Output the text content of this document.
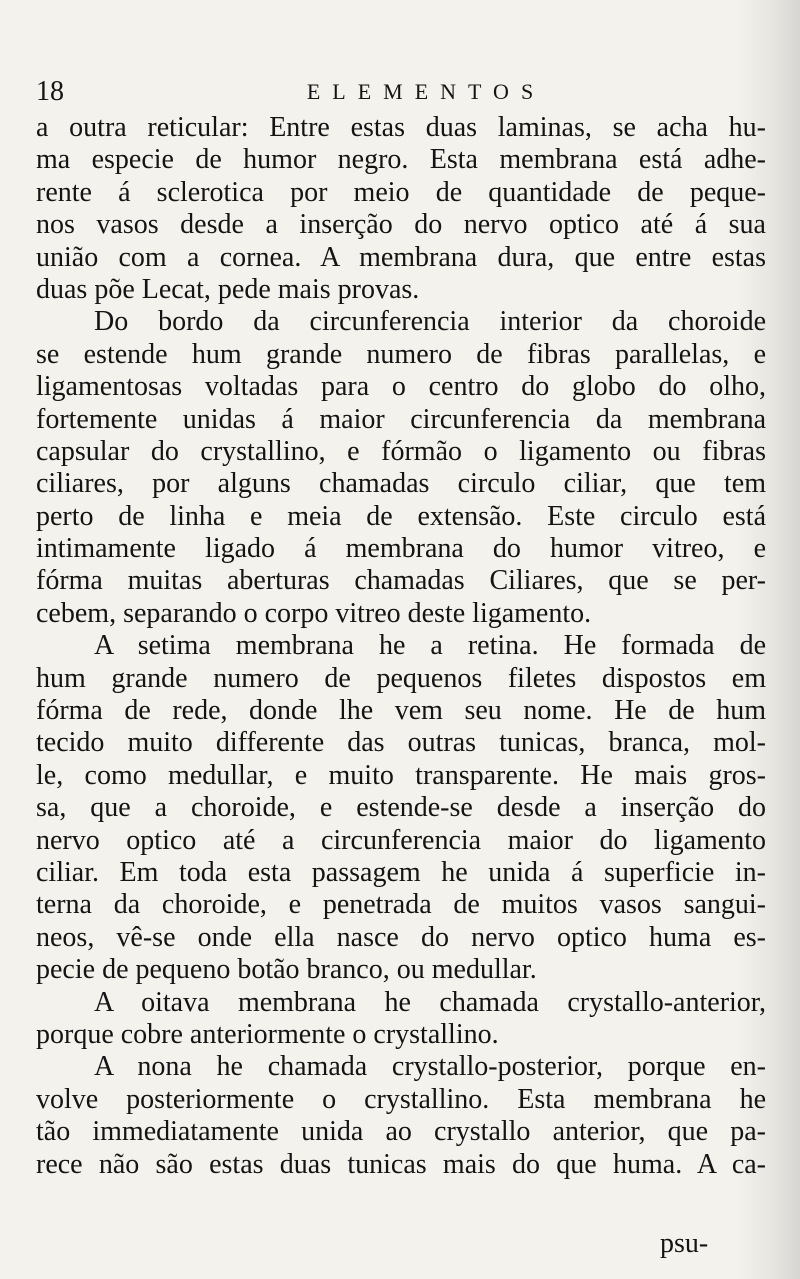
18	ELEMENTOS
a outra reticular: Entre estas duas laminas, se acha hu-
ma especie de humor negro. Esta membrana está adhe-
rente á sclerotica por meio de quantidade de peque-
nos vasos desde a inserção do nervo optico até á sua
união com a cornea. A membrana dura, que entre estas
duas põe Lecat, pede mais provas.
Do bordo da circunferencia interior da choroide
se estende hum grande numero de fibras parallelas, e
ligamentosas voltadas para o centro do globo do olho,
fortemente unidas á maior circunferencia da membrana
capsular do crystallino, e fórmão o ligamento ou fibras
ciliares, por alguns chamadas circulo ciliar, que tem
perto de linha e meia de extensão. Este circulo está
intimamente ligado á membrana do humor vitreo, e
fórma muitas aberturas chamadas Ciliares, que se per-
cebem, separando o corpo vitreo deste ligamento.
A setima membrana he a retina. He formada de
hum grande numero de pequenos filetes dispostos em
fórma de rede, donde lhe vem seu nome. He de hum
tecido muito differente das outras tunicas, branca, mol-
le, como medullar, e muito transparente. He mais gros-
sa, que a choroide, e estende-se desde a inserção do
nervo optico até a circunferencia maior do ligamento
ciliar. Em toda esta passagem he unida á superficie in-
terna da choroide, e penetrada de muitos vasos sangui-
neos, vê-se onde ella nasce do nervo optico huma es-
pecie de pequeno botão branco, ou medullar.
A oitava membrana he chamada crystallo-anterior,
porque cobre anteriormente o crystallino.
A nona he chamada crystallo-posterior, porque en-
volve posteriormente o crystallino. Esta membrana he
tão immediatamente unida ao crystallo anterior, que pa-
rece não são estas duas tunicas mais do que huma. A ca-
psu-
